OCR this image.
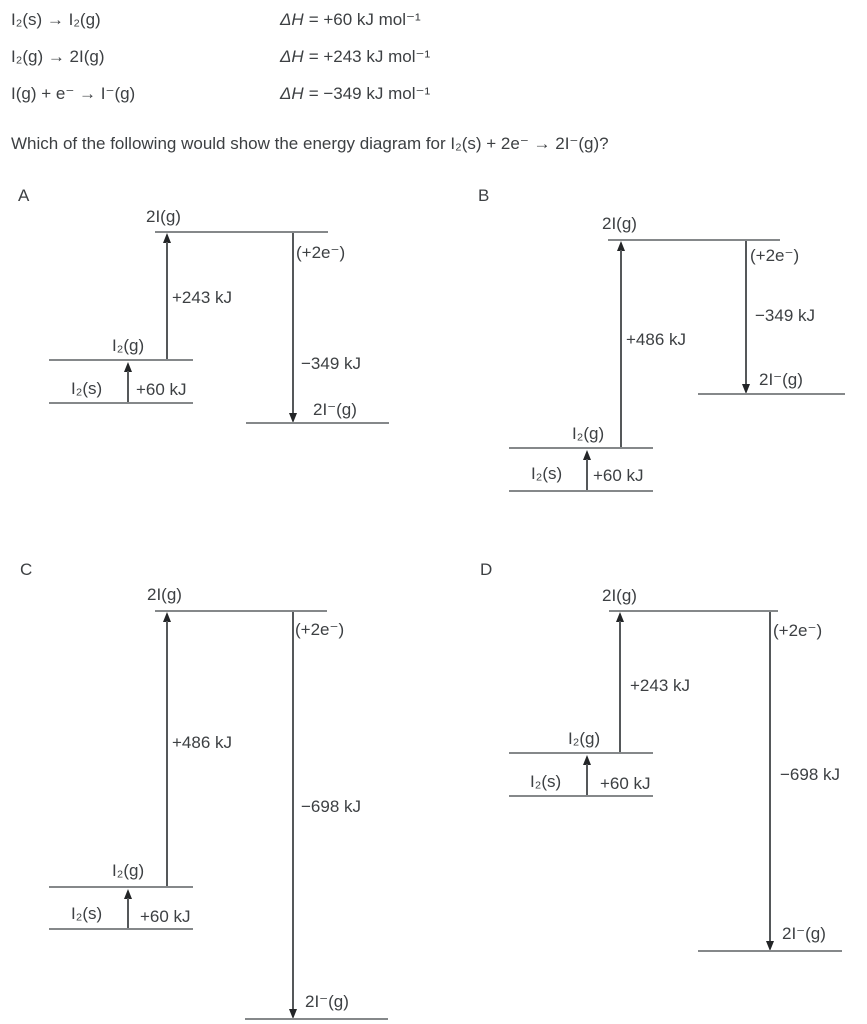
I₂(s) → I₂(g)	ΔH = +60 kJ mol⁻¹
I₂(g) → 2I(g)	ΔH = +243 kJ mol⁻¹
I(g) + e⁻ → I⁻(g)	ΔH = −349 kJ mol⁻¹
Which of the following would show the energy diagram for I₂(s) + 2e⁻ → 2I⁻(g)?
A
2I(g)
+243 kJ
I₂(g)
I₂(s) +60 kJ
(+2e⁻)
−349 kJ
2I⁻(g)
B
2I(g)
+486 kJ
(+2e⁻)
−349 kJ
2I⁻(g)
I₂(g)
I₂(s) +60 kJ
C
2I(g)
+486 kJ
(+2e⁻)
−698 kJ
I₂(g)
I₂(s) +60 kJ
2I⁻(g)
D
2I(g)
+243 kJ
I₂(g)
I₂(s) +60 kJ
(+2e⁻)
−698 kJ
2I⁻(g)
